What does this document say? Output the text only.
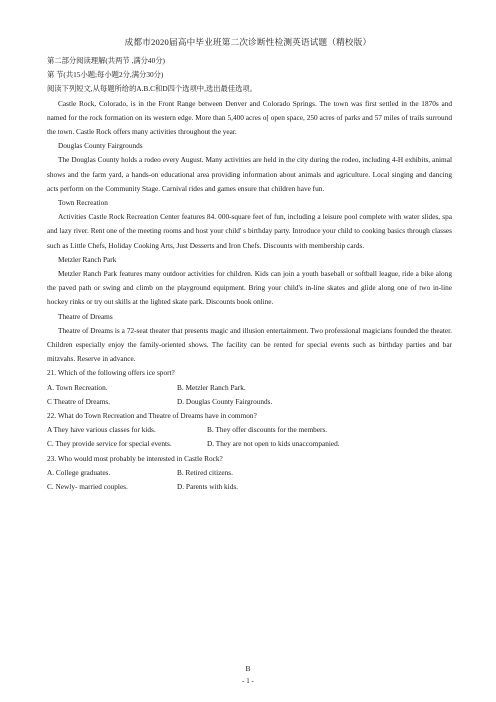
成都市2020届高中毕业班第二次诊断性检测英语试题（精校版）
第二部分阅读理解(共两节 ,满分40分)
第 节(共15小题;每小题2分,满分30分)
阅读下列短文,从每题所给的A.B.C和D四个选项中,选出最佳选项。

Castle Rock, Colorado, is in the Front Range between Denver and Colorado Springs. The town was first settled in the 1870s and named for the rock formation on its western edge. More than 5,400 acres o[ open space, 250 acres of parks and 57 miles of trails surround the town. Castle Rock offers many activities throughout the year.

Douglas County Fairgrounds

The Douglas County holds a rodeo every August. Many activities are held in the city during the rodeo, including 4-H exhibits, animal shows and the farm yard, a hands-on educational area providing information about animals and agriculture. Local singing and dancing acts perform on the Community Stage. Carnival rides and games ensure that children have fun.

Town Recreation

Activities Castle Rock Recreation Center features 84. 000-square feet of fun, including a leisure pool complete with water slides, spa and lazy river. Rent one of the meeting rooms and host your child' s birthday party. Introduce your child to cooking basics through classes such as Little Chefs, Holiday Cooking Arts, Just Desserts and Iron Chefs. Discounts with membership cards.

Metzler Ranch Park

Metzler Ranch Park features many outdoor activities for children. Kids can join a youth baseball or softball league, ride a bike along the paved path or swing and climb on the playground equipment. Bring your child's in-line skates and glide along one of two in-line hockey rinks or try out skills at the lighted skate park. Discounts book online.

Theatre of Dreams

Theatre of Dreams is a 72-seat theater that presents magic and illusion entertainment. Two professional magicians founded the theater. Children especially enjoy the family-oriented shows. The facility can be rented for special events such as birthday parties and bar mitzvahs. Reserve in advance.

21. Which of the following offers ice sport?
A. Town Recreation.	B. Metzler Ranch Park.
C Theatre of Dreams.	D. Douglas County Fairgrounds.
22. What do Town Recreation and Theatre of Dreams have in common?
A They have various classes for kids.	B. They offer discounts for the members.
C. They provide service for special events.	D. They are not open to kids unaccompanied.
23. Who would most probably be interested in Castle Rock?
A. College graduates.	B. Retired citizens.
C. Newly- married couples.	D. Parents with kids.
B
- 1 -
